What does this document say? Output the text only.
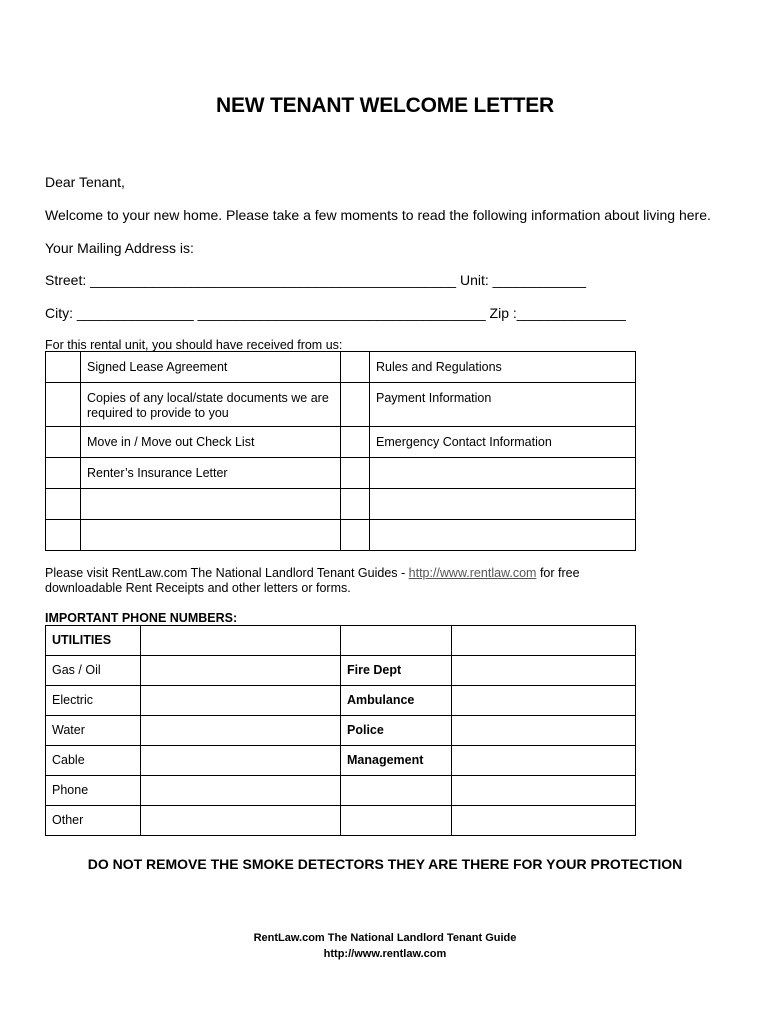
NEW TENANT WELCOME LETTER
Dear Tenant,
Welcome to your new home. Please take a few moments to read the following information about living here.
Your Mailing Address is:
Street: _______________________________________________ Unit: ____________
City: _______________ _____________________________________ Zip :______________
For this rental unit, you should have received from us:
	Signed Lease Agreement		Rules and Regulations
	Copies of any local/state documents we are required to provide to you		Payment Information
	Move in / Move out Check List		Emergency Contact Information
	Renter’s Insurance Letter		

Please visit RentLaw.com The National Landlord Tenant Guides - http://www.rentlaw.com for free
downloadable Rent Receipts and other letters or forms.
IMPORTANT PHONE NUMBERS:
UTILITIES			
Gas / Oil		Fire Dept	
Electric		Ambulance	
Water		Police	
Cable		Management	
Phone			
Other			
DO NOT REMOVE THE SMOKE DETECTORS THEY ARE THERE FOR YOUR PROTECTION
RentLaw.com The National Landlord Tenant Guide
http://www.rentlaw.com
